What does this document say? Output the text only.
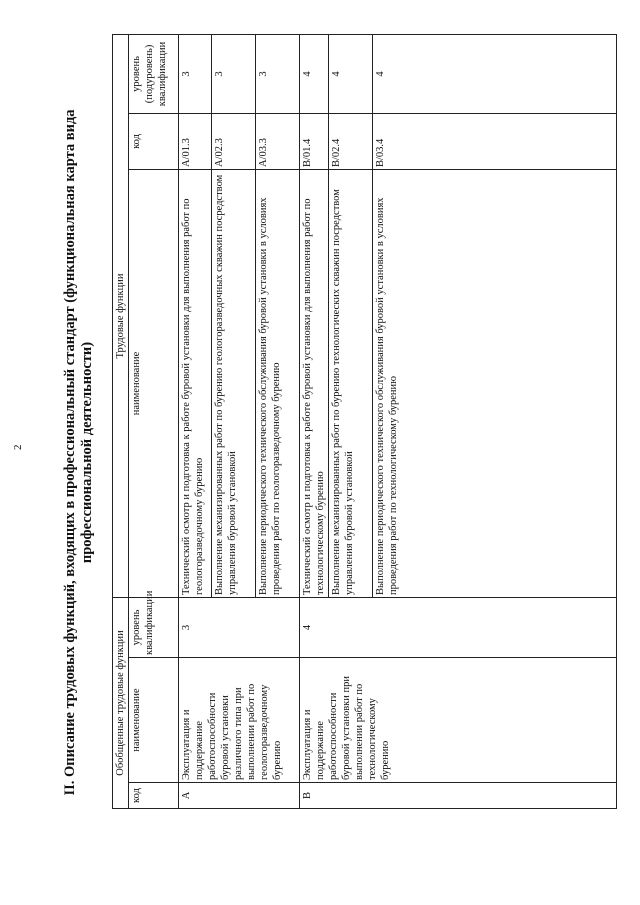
II. Описание трудовых функций, входящих в профессиональный стандарт (функциональная карта вида профессиональной деятельности)
Обобщенные трудовые функции			Трудовые функции		
код	наименование	уровень квалификации	наименование	код	уровень (подуровень) квалификации
A	Эксплуатация и поддержание работоспособности буровой установки различного типа при выполнении работ по геологоразведочному бурению	3	Технический осмотр и подготовка к работе буровой установки для выполнения работ по геологоразведочному бурению	A/01.3	3
			Выполнение механизированных работ по бурению геологоразведочных скважин посредством управления буровой установкой	A/02.3	3
			Выполнение периодического технического обслуживания буровой установки в условиях проведения работ по геологоразведочному бурению	A/03.3	3
B	Эксплуатация и поддержание работоспособности буровой установки при выполнении работ по технологическому бурению	4	Технический осмотр и подготовка к работе буровой установки для выполнения работ по технологическому бурению	B/01.4	4
			Выполнение механизированных работ по бурению технологических скважин посредством управления буровой установкой	B/02.4	4
			Выполнение периодического технического обслуживания буровой установки в условиях проведения работ по технологическому бурению	B/03.4	4
2
